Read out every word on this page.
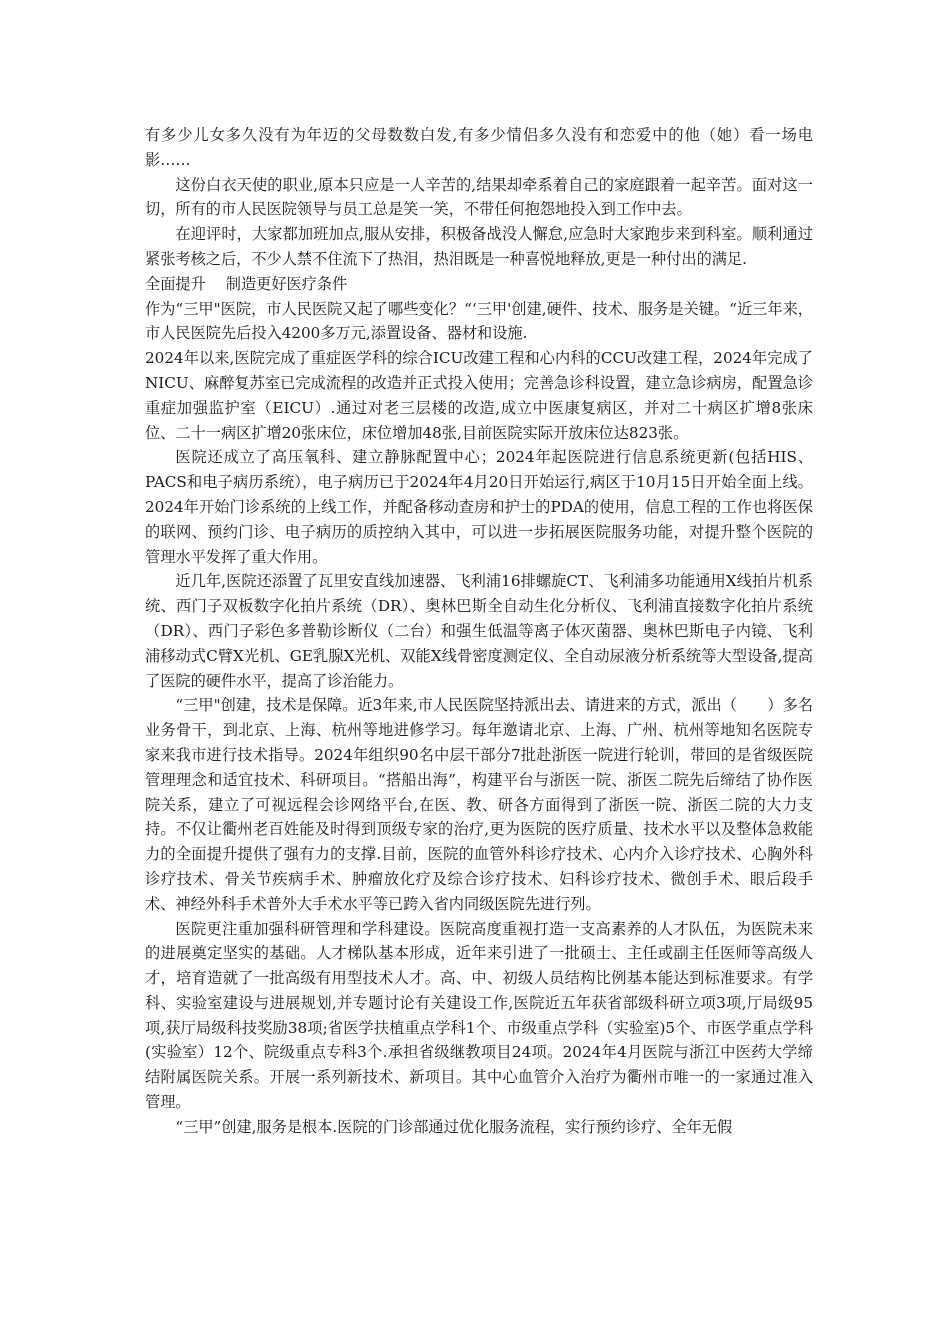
有多少儿女多久没有为年迈的父母数数白发,有多少情侣多久没有和恋爱中的他（她）看一场电影……

这份白衣天使的职业,原本只应是一人辛苦的,结果却牵系着自己的家庭跟着一起辛苦。面对这一切，所有的市人民医院领导与员工总是笑一笑，不带任何抱怨地投入到工作中去。

在迎评时，大家都加班加点,服从安排，积极备战没人懈怠,应急时大家跑步来到科室。顺利通过紧张考核之后，不少人禁不住流下了热泪，热泪既是一种喜悦地释放,更是一种付出的满足.

全面提升 制造更好医疗条件

作为“三甲"医院，市人民医院又起了哪些变化？“‘三甲'创建,硬件、技术、服务是关键。“近三年来，市人民医院先后投入4200多万元,添置设备、器材和设施.

2024年以来,医院完成了重症医学科的综合ICU改建工程和心内科的CCU改建工程，2024年完成了NICU、麻醉复苏室已完成流程的改造并正式投入使用；完善急诊科设置，建立急诊病房，配置急诊重症加强监护室（EICU）.通过对老三层楼的改造,成立中医康复病区，并对二十病区扩增8张床位、二十一病区扩增20张床位，床位增加48张,目前医院实际开放床位达823张。

医院还成立了高压氧科、建立静脉配置中心；2024年起医院进行信息系统更新(包括HIS、PACS和电子病历系统），电子病历已于2024年4月20日开始运行,病区于10月15日开始全面上线。2024年开始门诊系统的上线工作，并配备移动查房和护士的PDA的使用，信息工程的工作也将医保的联网、预约门诊、电子病历的质控纳入其中，可以进一步拓展医院服务功能，对提升整个医院的管理水平发挥了重大作用。

近几年,医院还添置了瓦里安直线加速器、飞利浦16排螺旋CT、飞利浦多功能通用X线拍片机系统、西门子双板数字化拍片系统（DR）、奥林巴斯全自动生化分析仪、飞利浦直接数字化拍片系统（DR）、西门子彩色多普勒诊断仪（二台）和强生低温等离子体灭菌器、奥林巴斯电子内镜、飞利浦移动式C臂X光机、GE乳腺X光机、双能X线骨密度测定仪、全自动尿液分析系统等大型设备,提高了医院的硬件水平，提高了诊治能力。

“三甲"创建，技术是保障。近3年来,市人民医院坚持派出去、请进来的方式，派出（　　）多名业务骨干，到北京、上海、杭州等地进修学习。每年邀请北京、上海、广州、杭州等地知名医院专家来我市进行技术指导。2024年组织90名中层干部分7批赴浙医一院进行轮训，带回的是省级医院管理理念和适宜技术、科研项目。“搭船出海”，构建平台与浙医一院、浙医二院先后缔结了协作医院关系，建立了可视远程会诊网络平台,在医、教、研各方面得到了浙医一院、浙医二院的大力支持。不仅让衢州老百姓能及时得到顶级专家的治疗,更为医院的医疗质量、技术水平以及整体急救能力的全面提升提供了强有力的支撑.目前，医院的血管外科诊疗技术、心内介入诊疗技术、心胸外科诊疗技术、骨关节疾病手术、肿瘤放化疗及综合诊疗技术、妇科诊疗技术、微创手术、眼后段手术、神经外科手术普外大手术水平等已跨入省内同级医院先进行列。

医院更注重加强科研管理和学科建设。医院高度重视打造一支高素养的人才队伍，为医院未来的进展奠定坚实的基础。人才梯队基本形成，近年来引进了一批硕士、主任或副主任医师等高级人才，培育造就了一批高级有用型技术人才。高、中、初级人员结构比例基本能达到标准要求。有学科、实验室建设与进展规划,并专题讨论有关建设工作,医院近五年获省部级科研立项3项,厅局级95项,获厅局级科技奖励38项;省医学扶植重点学科1个、市级重点学科（实验室)5个、市医学重点学科(实验室）12个、院级重点专科3个.承担省级继教项目24项。2024年4月医院与浙江中医药大学缔结附属医院关系。开展一系列新技术、新项目。其中心血管介入治疗为衢州市唯一的一家通过准入管理。

“三甲”创建,服务是根本.医院的门诊部通过优化服务流程，实行预约诊疗、全年无假
